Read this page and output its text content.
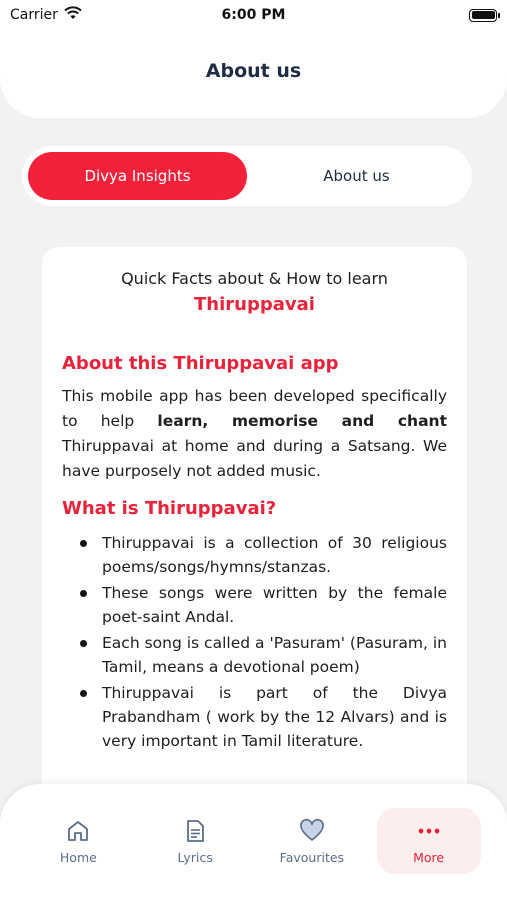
About us
Carrier	6:00 PM
Divya Insights	About us
Quick Facts about & How to learn
Thiruppavai
About this Thiruppavai app

This mobile app has been developed specifically to help learn, memorise and chant Thiruppavai at home and during a Satsang. We have purposely not added music.

What is Thiruppavai?
Thiruppavai is a collection of 30 religious poems/songs/hymns/stanzas.
These songs were written by the female poet-saint Andal.
Each song is called a 'Pasuram' (Pasuram, in Tamil, means a devotional poem)
Thiruppavai is part of the Divya Prabandham ( work by the 12 Alvars) and is very important in Tamil literature.
Home	Lyrics	Favourites	More
